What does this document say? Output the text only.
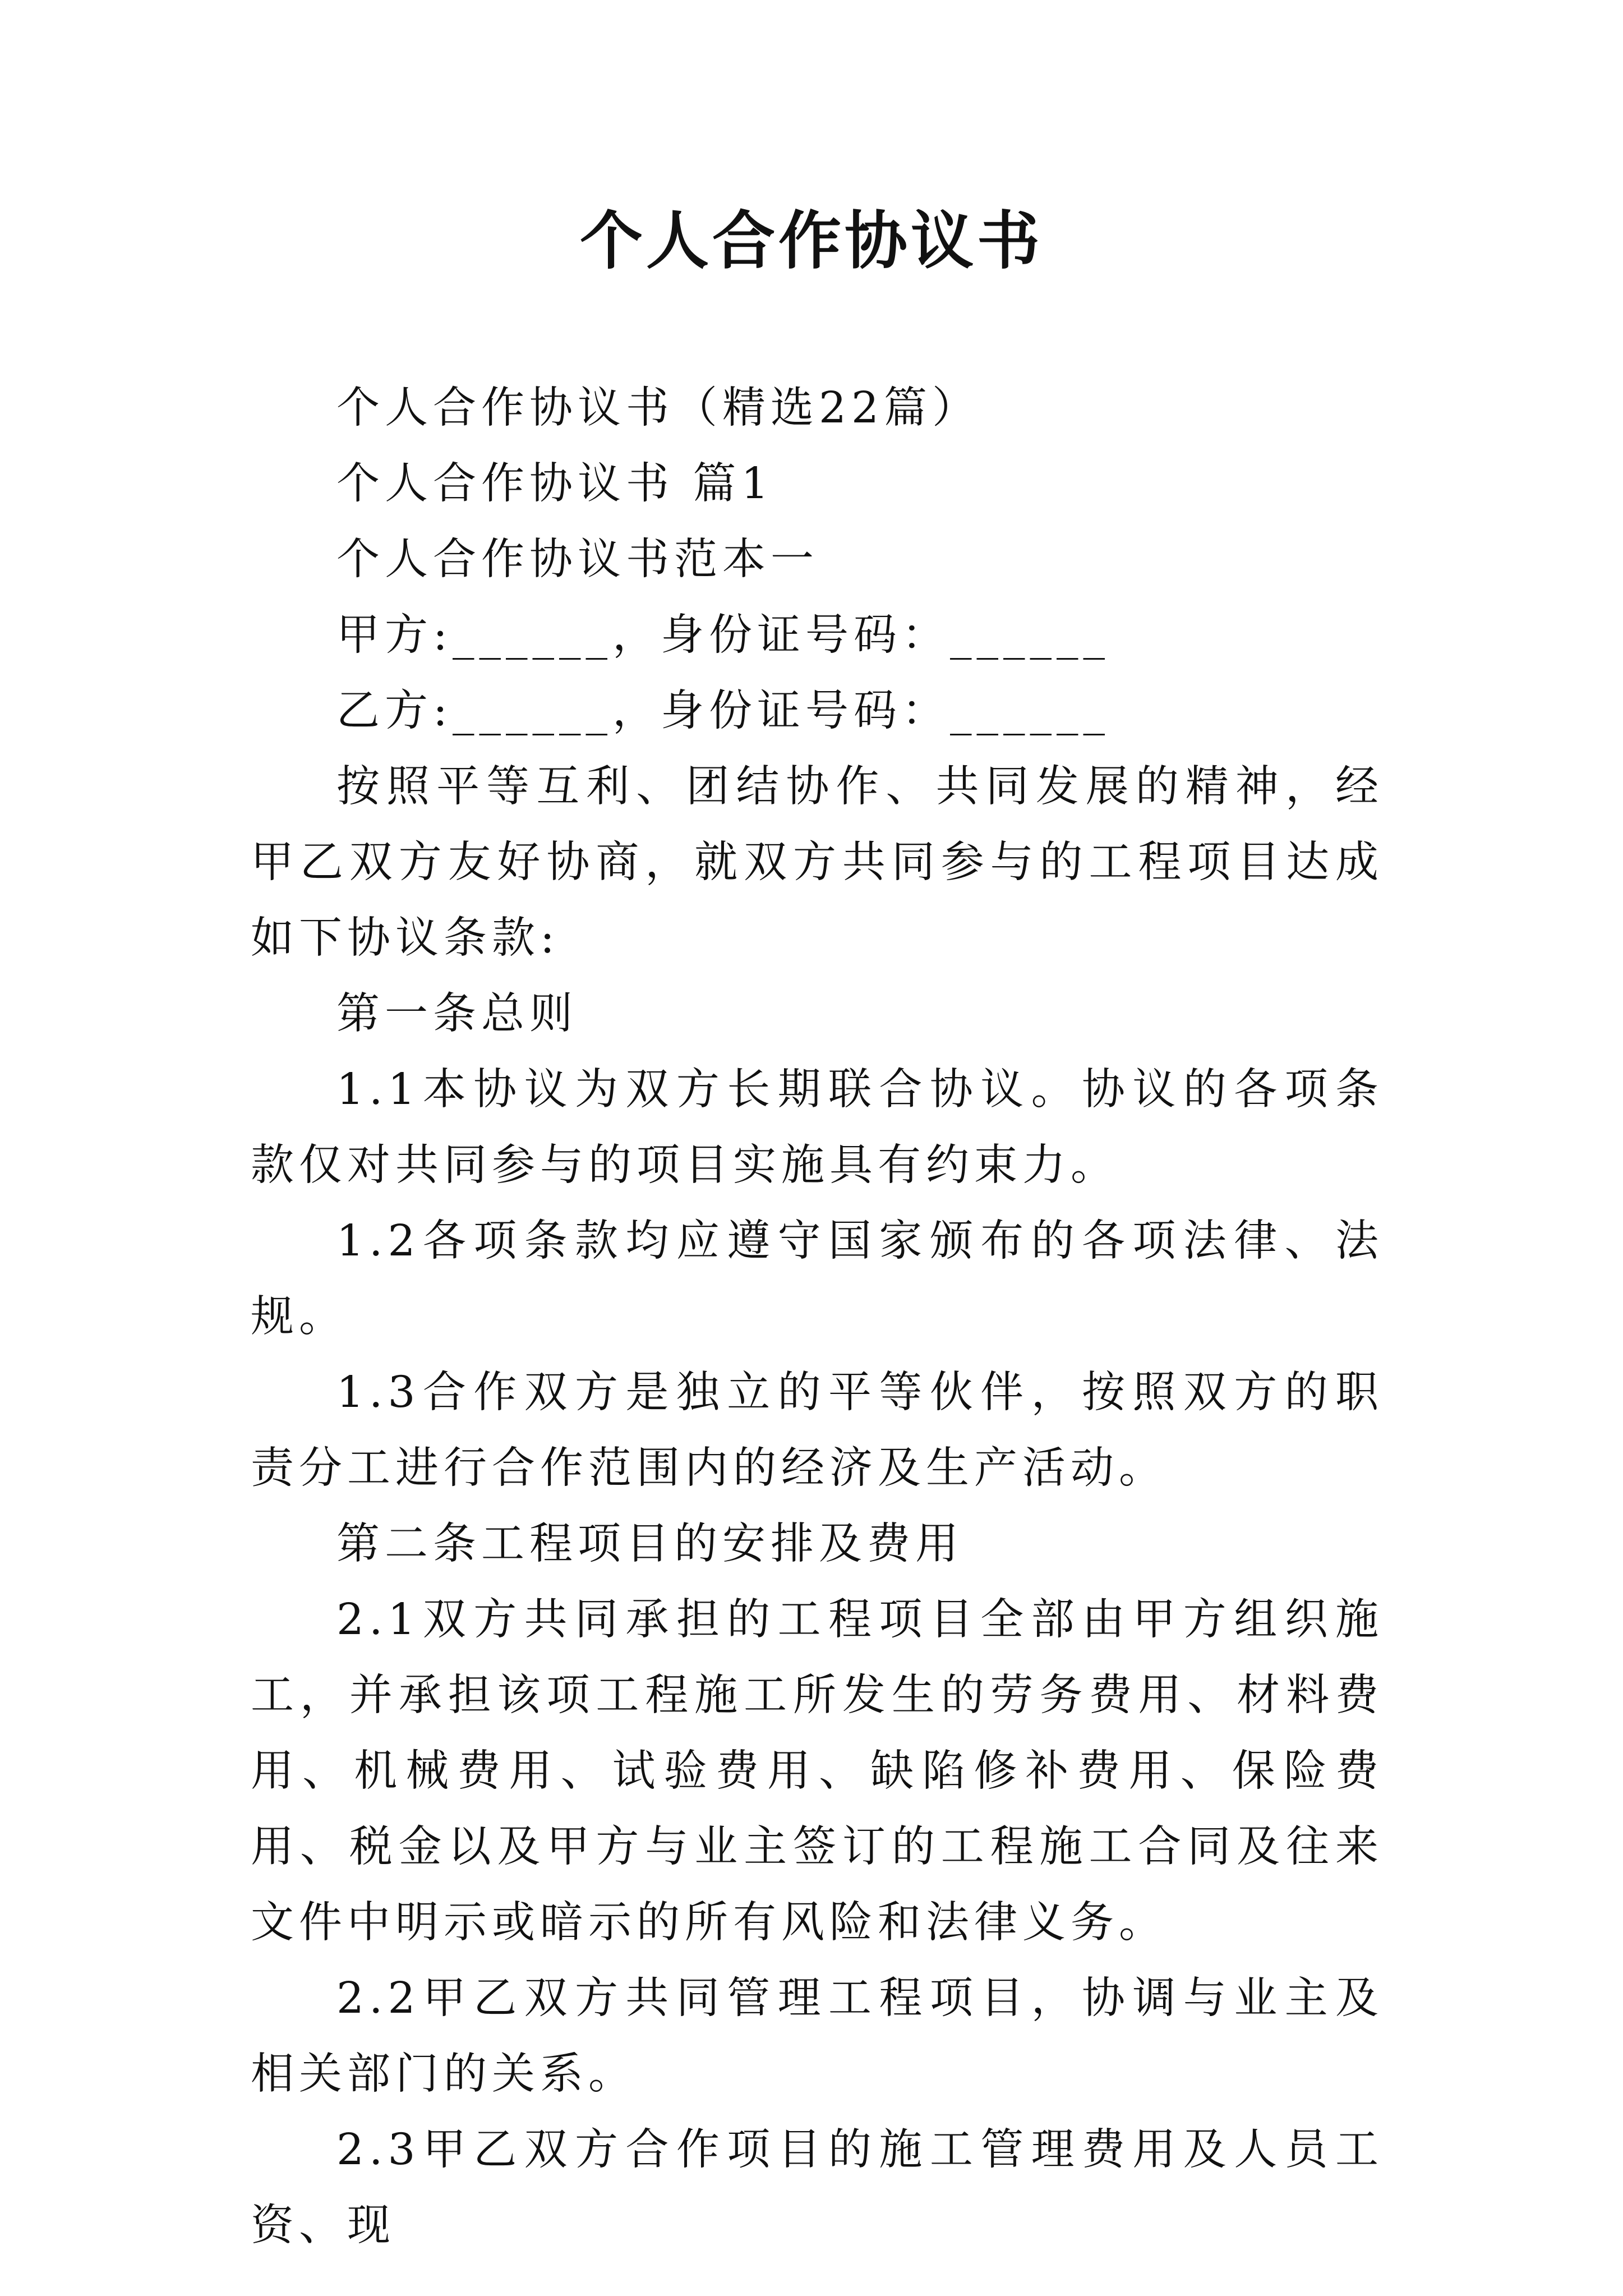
个人合作协议书

个人合作协议书（精选22篇）

个人合作协议书 篇1

个人合作协议书范本一

甲方:______，身份证号码：______

乙方:______，身份证号码：______

按照平等互利、团结协作、共同发展的精神，经甲乙双方友好协商，就双方共同参与的工程项目达成如下协议条款:

第一条总则

1.1本协议为双方长期联合协议。协议的各项条款仅对共同参与的项目实施具有约束力。

1.2各项条款均应遵守国家颁布的各项法律、法规。

1.3合作双方是独立的平等伙伴，按照双方的职责分工进行合作范围内的经济及生产活动。

第二条工程项目的安排及费用

2.1双方共同承担的工程项目全部由甲方组织施工，并承担该项工程施工所发生的劳务费用、材料费用、机械费用、试验费用、缺陷修补费用、保险费用、税金以及甲方与业主签订的工程施工合同及往来文件中明示或暗示的所有风险和法律义务。

2.2甲乙双方共同管理工程项目，协调与业主及相关部门的关系。

2.3甲乙双方合作项目的施工管理费用及人员工资、现
